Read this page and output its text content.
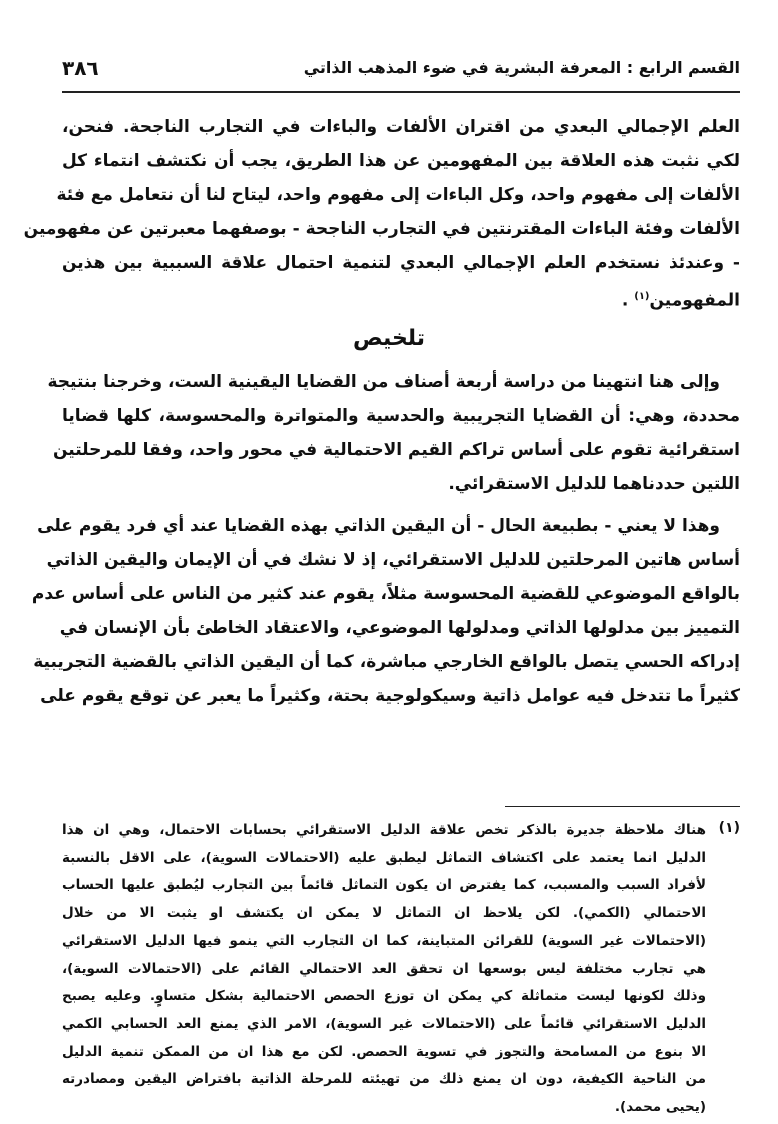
٣٨٦	القسم الرابع : المعرفة البشرية في ضوء المذهب الذاتي
العلم الإجمالي البعدي من اقتران الألفات والباءات في التجارب الناجحة. فنحن،
لكي نثبت هذه العلاقة بين المفهومين عن هذا الطريق، يجب أن نكتشف انتماء كل
الألفات إلى مفهوم واحد، وكل الباءات إلى مفهوم واحد، ليتاح لنا أن نتعامل مع فئة
الألفات وفئة الباءات المقترنتين في التجارب الناجحة - بوصفهما معبرتين عن مفهومين
- وعندئذ نستخدم العلم الإجمالي البعدي لتنمية احتمال علاقة السببية بين هذين
المفهومين$^{(١)}$ .
تلخيص
وإلى هنا انتهينا من دراسة أربعة أصناف من القضايا اليقينية الست، وخرجنا بنتيجة
محددة، وهي: أن القضايا التجريبية والحدسية والمتواترة والمحسوسة، كلها قضايا
استقرائية تقوم على أساس تراكم القيم الاحتمالية في محور واحد، وفقا للمرحلتين
اللتين حددناهما للدليل الاستقرائي.
وهذا لا يعني - بطبيعة الحال - أن اليقين الذاتي بهذه القضايا عند أي فرد يقوم على
أساس هاتين المرحلتين للدليل الاستقرائي، إذ لا نشك في أن الإيمان واليقين الذاتي
بالواقع الموضوعي للقضية المحسوسة مثلاً، يقوم عند كثير من الناس على أساس عدم
التمييز بين مدلولها الذاتي ومدلولها الموضوعي، والاعتقاد الخاطئ بأن الإنسان في
إدراكه الحسي يتصل بالواقع الخارجي مباشرة، كما أن اليقين الذاتي بالقضية التجريبية
كثيراً ما تتدخل فيه عوامل ذاتية وسيكولوجية بحتة، وكثيراً ما يعبر عن توقع يقوم على
(١)
هناك ملاحظة جديرة بالذكر تخص علاقة الدليل الاستقرائي بحسابات الاحتمال، وهي ان هذا
الدليل انما يعتمد على اكتشاف التماثل ليطبق عليه (الاحتمالات السوية)، على الاقل بالنسبة
لأفراد السبب والمسبب، كما يفترض ان يكون التماثل قائماً بين التجارب ليُطبق عليها الحساب
الاحتمالي (الكمي). لكن يلاحظ ان التماثل لا يمكن ان يكتشف او يثبت الا من خلال
(الاحتمالات غير السوية) للقرائن المتباينة، كما ان التجارب التي ينمو فيها الدليل الاستقرائي
هي تجارب مختلفة ليس بوسعها ان تحقق العد الاحتمالي القائم على (الاحتمالات السوية)،
وذلك لكونها ليست متماثلة كي يمكن ان توزع الحصص الاحتمالية بشكل متساوٍ. وعليه يصبح
الدليل الاستقرائي قائماً على (الاحتمالات غير السوية)، الامر الذي يمنع العد الحسابي الكمي
الا بنوع من المسامحة والتجوز في تسوية الحصص. لكن مع هذا ان من الممكن تنمية الدليل
من الناحية الكيفية، دون ان يمنع ذلك من تهيئته للمرحلة الذاتية بافتراض اليقين ومصادرته
(يحيى محمد).
